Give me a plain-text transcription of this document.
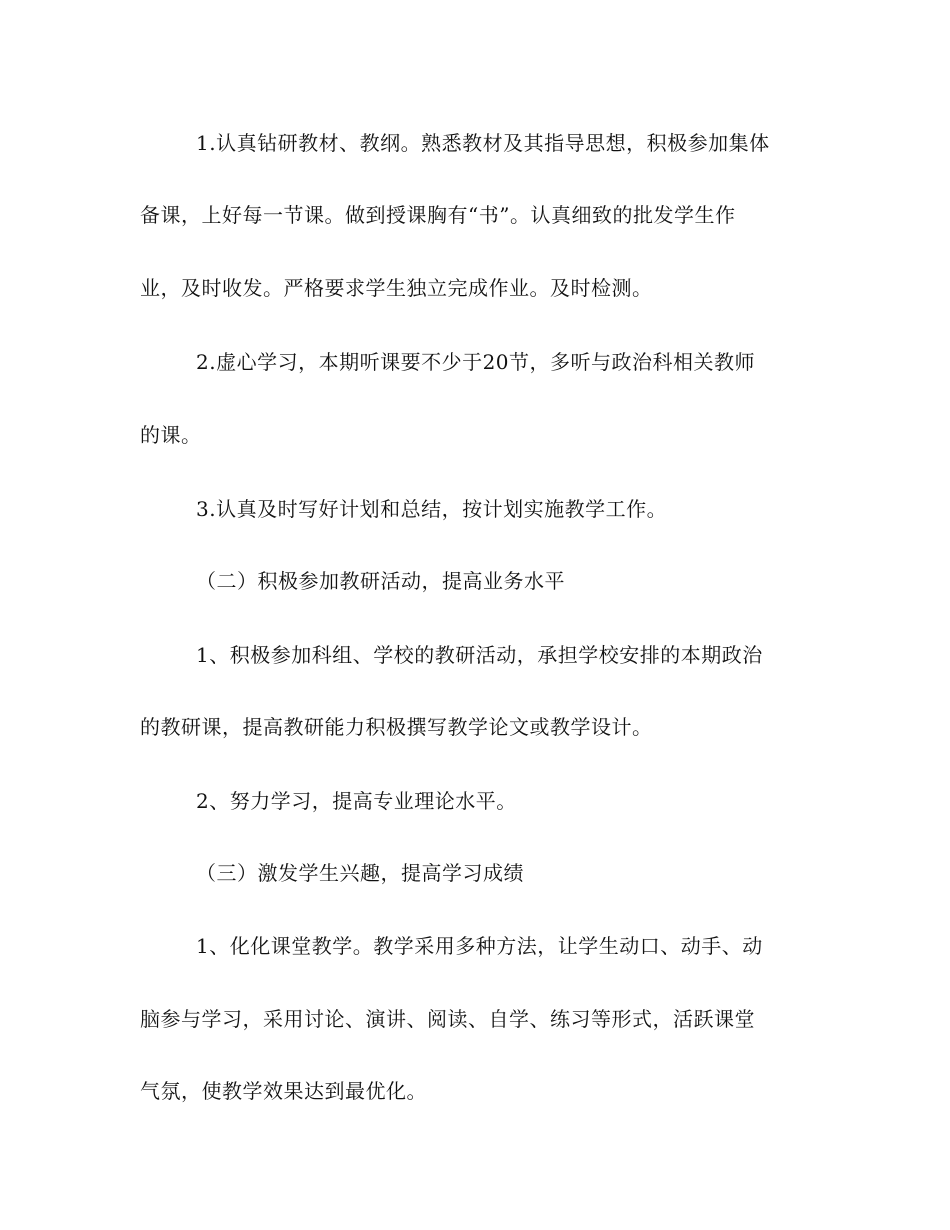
1.认真钻研教材、教纲。熟悉教材及其指导思想，积极参加集体
备课，上好每一节课。做到授课胸有“书”。认真细致的批发学生作
业，及时收发。严格要求学生独立完成作业。及时检测。
2.虚心学习，本期听课要不少于20节，多听与政治科相关教师
的课。
3.认真及时写好计划和总结，按计划实施教学工作。
（二）积极参加教研活动，提高业务水平
1、积极参加科组、学校的教研活动，承担学校安排的本期政治
的教研课，提高教研能力积极撰写教学论文或教学设计。
2、努力学习，提高专业理论水平。
（三）激发学生兴趣，提高学习成绩
1、化化课堂教学。教学采用多种方法，让学生动口、动手、动
脑参与学习，采用讨论、演讲、阅读、自学、练习等形式，活跃课堂
气氛，使教学效果达到最优化。
